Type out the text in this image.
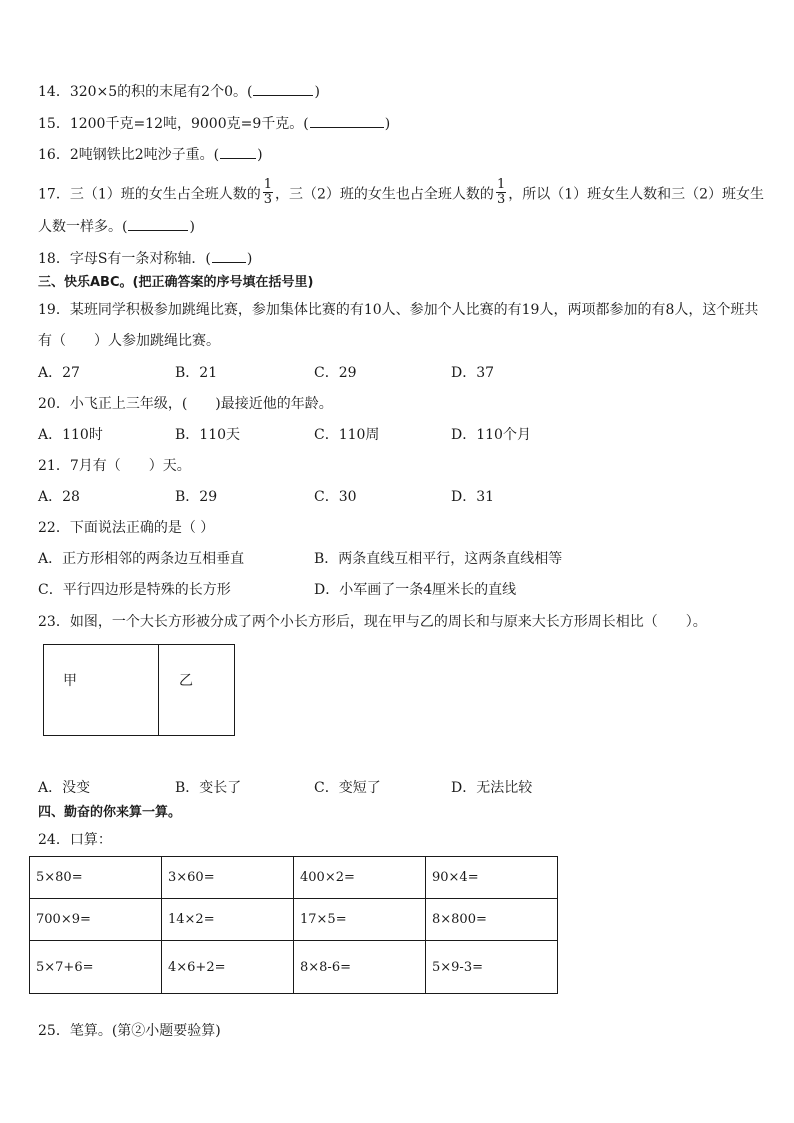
14．320×5的积的末尾有2个0。(	)
15．1200千克=12吨，9000克=9千克。(	)
16．2吨钢铁比2吨沙子重。(	)
17．三（1）班的女生占全班人数的 $\frac{1}{3}$ ，三（2）班的女生也占全班人数的 $\frac{1}{3}$ ，所以（1）班女生人数和三（2）班女生
人数一样多。(	)
18．字母S有一条对称轴．(	)
三、快乐ABC。(把正确答案的序号填在括号里)
19．某班同学积极参加跳绳比赛，参加集体比赛的有10人、参加个人比赛的有19人，两项都参加的有8人，这个班共
有（　　）人参加跳绳比赛。
A．27	B．21	C．29	D．37
20．小飞正上三年级，(　　)最接近他的年龄。
A．110时	B．110天	C．110周	D．110个月
21．7月有（　　）天。
A．28	B．29	C．30	D．31
22．下面说法正确的是（ ）
A．正方形相邻的两条边互相垂直	B．两条直线互相平行，这两条直线相等
C．平行四边形是特殊的长方形	D．小军画了一条4厘米长的直线
23．如图，一个大长方形被分成了两个小长方形后，现在甲与乙的周长和与原来大长方形周长相比（　　）。
甲	乙
A．没变	B．变长了	C．变短了	D．无法比较
四、勤奋的你来算一算。
24．口算：
5×80=	3×60=	400×2=	90×4=
700×9=	14×2=	17×5=	8×800=
5×7+6=	4×6+2=	8×8-6=	5×9-3=
25．笔算。(第②小题要验算)
